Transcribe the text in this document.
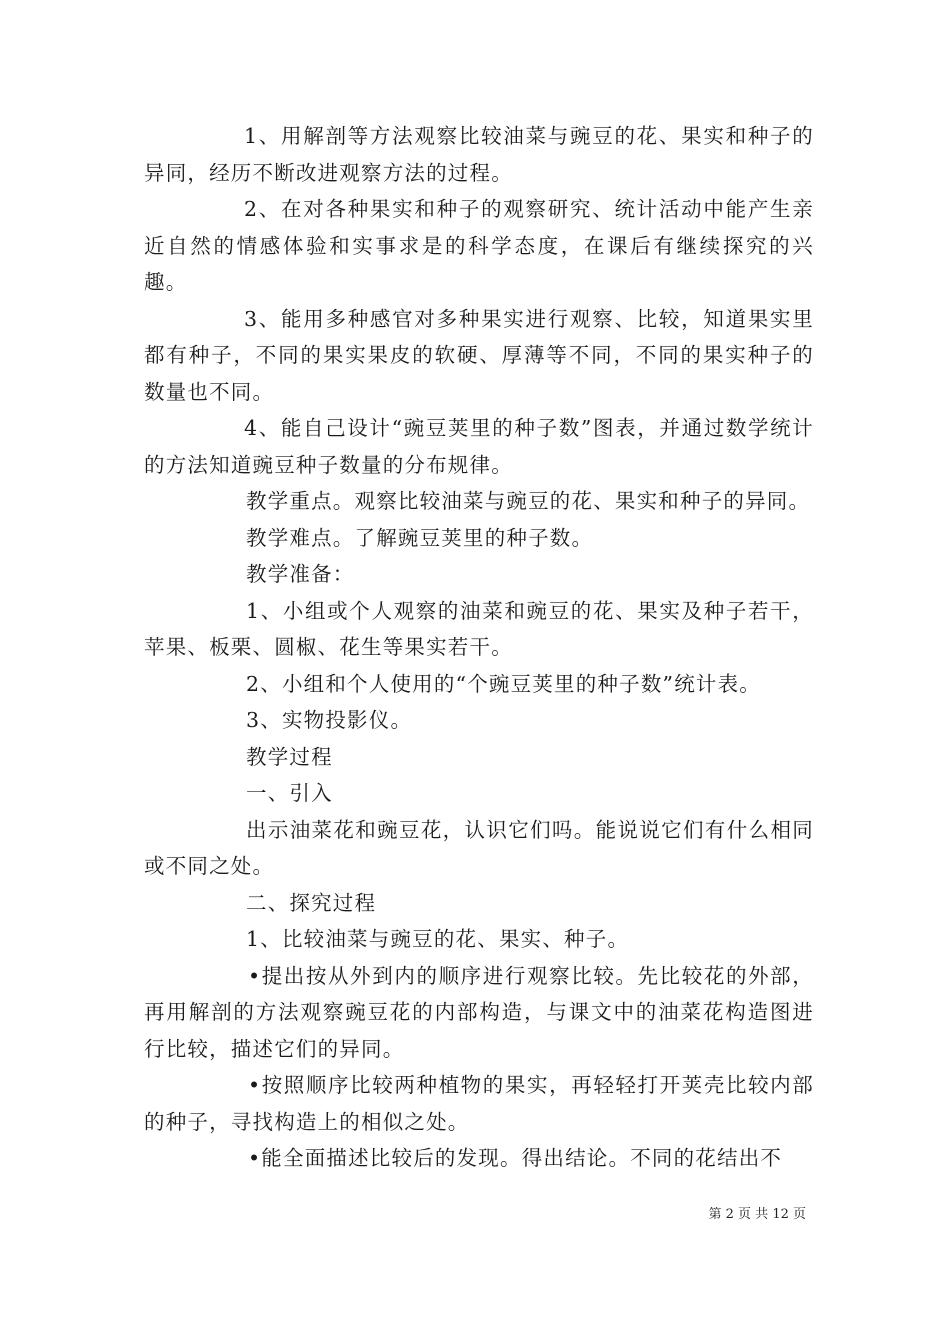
1、用解剖等方法观察比较油菜与豌豆的花、果实和种子的异同，经历不断改进观察方法的过程。

2、在对各种果实和种子的观察研究、统计活动中能产生亲近自然的情感体验和实事求是的科学态度，在课后有继续探究的兴趣。

3、能用多种感官对多种果实进行观察、比较，知道果实里都有种子，不同的果实果皮的软硬、厚薄等不同，不同的果实种子的数量也不同。

4、能自己设计“豌豆荚里的种子数”图表，并通过数学统计的方法知道豌豆种子数量的分布规律。

教学重点。观察比较油菜与豌豆的花、果实和种子的异同。

教学难点。了解豌豆荚里的种子数。

教学准备：

1、小组或个人观察的油菜和豌豆的花、果实及种子若干，苹果、板栗、圆椒、花生等果实若干。

2、小组和个人使用的“个豌豆荚里的种子数”统计表。

3、实物投影仪。

教学过程

一、引入

出示油菜花和豌豆花，认识它们吗。能说说它们有什么相同或不同之处。

二、探究过程

1、比较油菜与豌豆的花、果实、种子。

•提出按从外到内的顺序进行观察比较。先比较花的外部，再用解剖的方法观察豌豆花的内部构造，与课文中的油菜花构造图进行比较，描述它们的异同。

•按照顺序比较两种植物的果实，再轻轻打开荚壳比较内部的种子，寻找构造上的相似之处。

•能全面描述比较后的发现。得出结论。不同的花结出不

第 2 页 共 12 页
